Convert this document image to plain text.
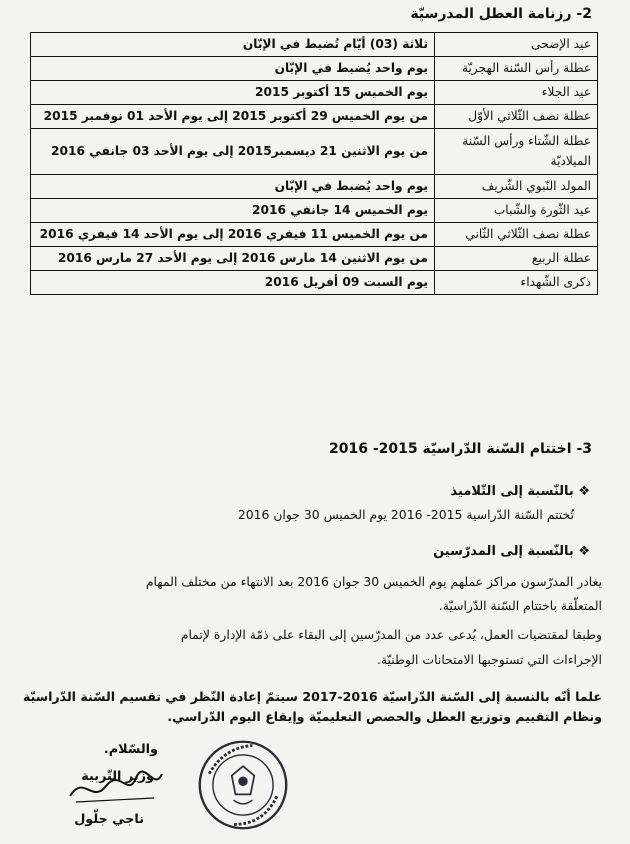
2- رزنامة العطل المدرسيّة
عيد الإضحى	ثلاثة (03) أيّام تُضبط في الإبّان
عطلة رأس السّنة الهجريّة	يوم واحد يُضبط في الإبّان
عيد الجلاء	يوم الخميس 15 أكتوبر 2015
عطلة نصف الثّلاثي الأوّل	من يوم الخميس 29 أكتوبر 2015 إلى يوم الأحد 01 نوفمبر 2015
عطلة الشّتاء ورأس السّنة الميلاديّة	من يوم الاثنين 21 ديسمبر2015 إلى يوم الأحد 03 جانفي 2016
المولد النّبوي الشّريف	يوم واحد يُضبط في الإبّان
عيد الثّورة والشّباب	يوم الخميس 14 جانفي 2016
عطلة نصف الثّلاثي الثّاني	من يوم الخميس 11 فيفري 2016 إلى يوم الأحد 14 فيفري 2016
عطلة الربيع	من يوم الاثنين 14 مارس 2016 إلى يوم الأحد 27 مارس 2016
ذكرى الشّهداء	يوم السبت 09 أفريل 2016
3- اختتام السّنة الدّراسيّة 2015- 2016
❖ بالنّسبة إلى التّلاميذ
تُختتم السّنة الدّراسية 2015- 2016 يوم الخميس 30 جوان 2016
❖ بالنّسبة إلى المدرّسين
يغادر المدرّسون مراكز عملهم يوم الخميس 30 جوان 2016 بعد الانتهاء من مختلف المهام
المتعلّقة باختتام السّنة الدّراسيّة.
وطبقا لمقتضيات العمل، يُدعى عدد من المدرّسين إلى البقاء على ذمّة الإدارة لإتمام
الإجراءات التي تستوجبها الامتحانات الوطنيّة.
علما أنّه بالنسبة إلى السّنة الدّراسيّة 2016-2017 سيتمّ إعادة النّظر في تقسيم السّنة الدّراسيّة
ونظام التقييم وتوزيع العطل والحصص التعليميّة وإيقاع اليوم الدّراسي.
والسّلام.
وزير التّربية
ناجي جلّول
